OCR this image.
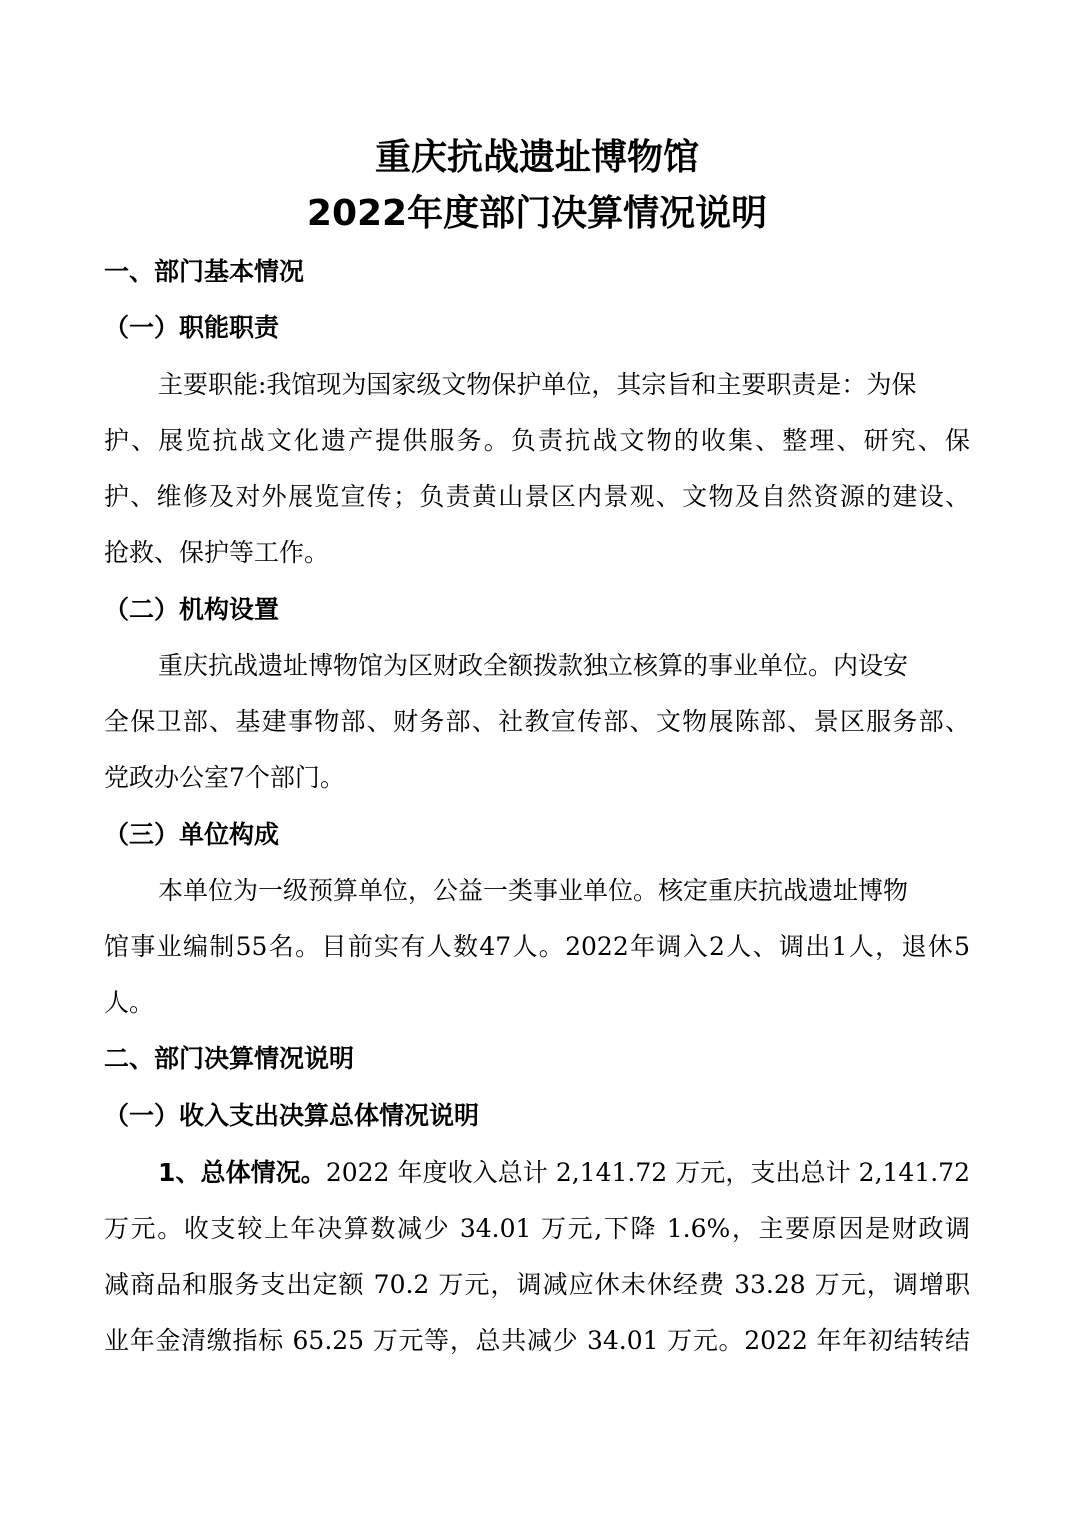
重庆抗战遗址博物馆
2022年度部门决算情况说明
一、部门基本情况
（一）职能职责
主要职能:我馆现为国家级文物保护单位，其宗旨和主要职责是：为保
护、展览抗战文化遗产提供服务。负责抗战文物的收集、整理、研究、保
护、维修及对外展览宣传；负责黄山景区内景观、文物及自然资源的建设、
抢救、保护等工作。
（二）机构设置
重庆抗战遗址博物馆为区财政全额拨款独立核算的事业单位。内设安
全保卫部、基建事物部、财务部、社教宣传部、文物展陈部、景区服务部、
党政办公室7个部门。
（三）单位构成
本单位为一级预算单位，公益一类事业单位。核定重庆抗战遗址博物
馆事业编制55名。目前实有人数47人。2022年调入2人、调出1人，退休5
人。
二、部门决算情况说明
（一）收入支出决算总体情况说明
1、总体情况。2022 年度收入总计 2,141.72 万元，支出总计 2,141.72
万元。收支较上年决算数减少 34.01 万元,下降 1.6%，主要原因是财政调
减商品和服务支出定额 70.2 万元，调减应休未休经费 33.28 万元，调增职
业年金清缴指标 65.25 万元等，总共减少 34.01 万元。2022 年年初结转结
